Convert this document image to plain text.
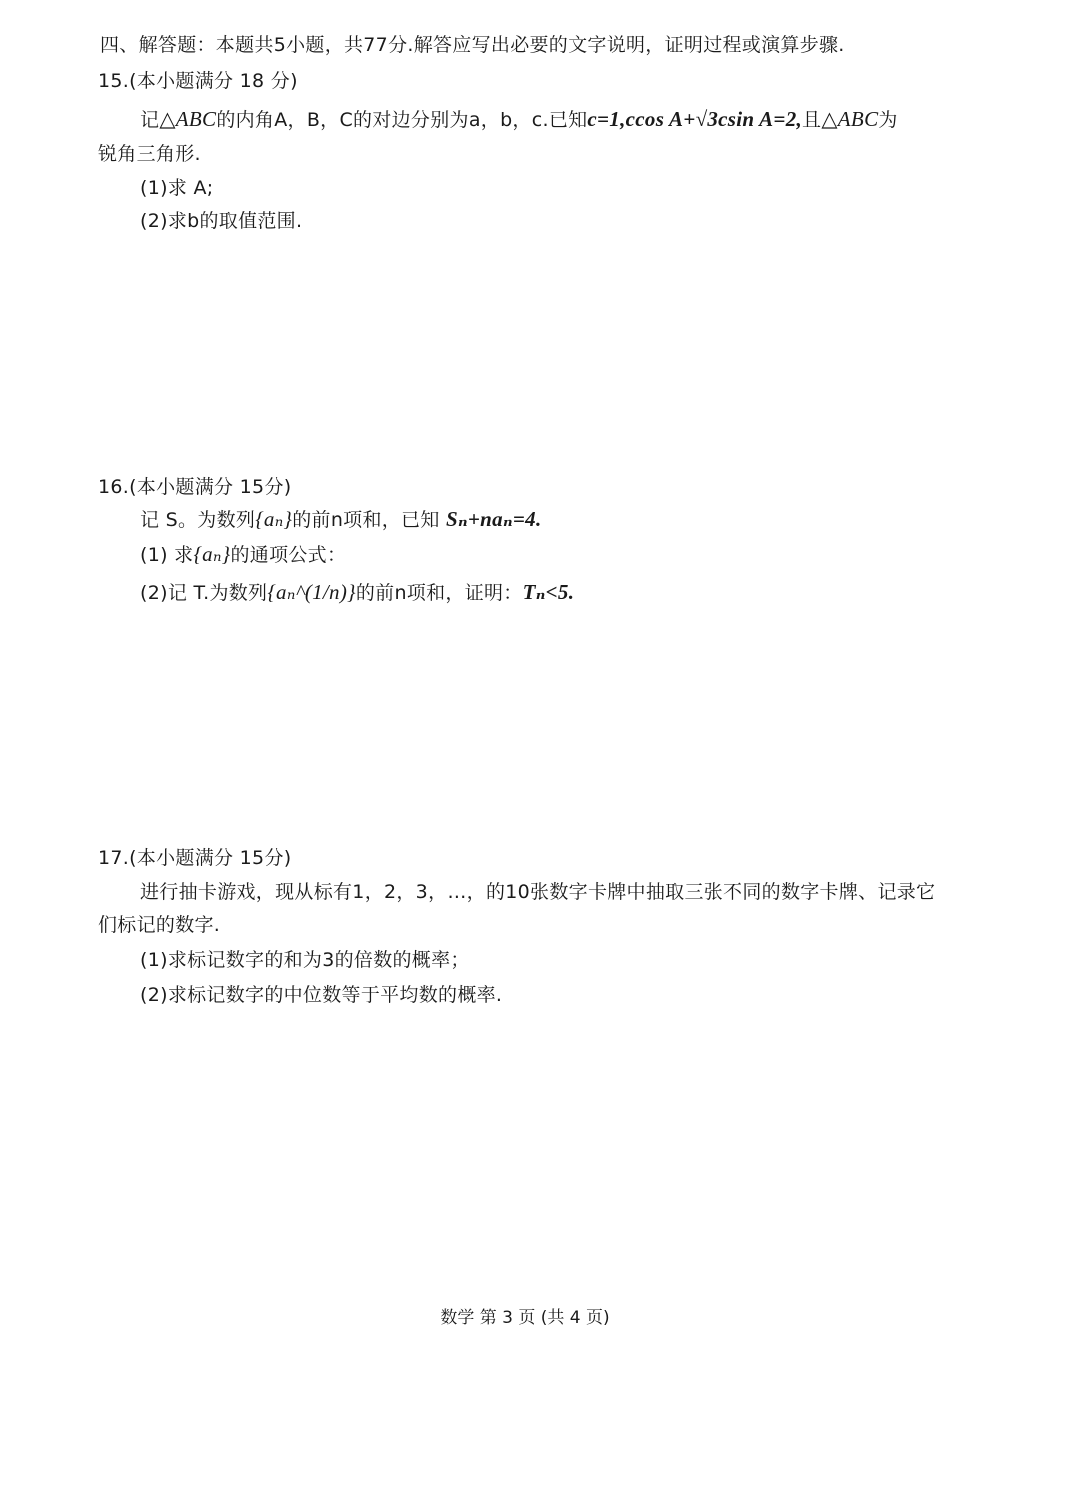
四、解答题：本题共5小题，共77分.解答应写出必要的文字说明，证明过程或演算步骤.
15.(本小题满分 18 分)
记△ABC的内角A，B，C的对边分别为a，b，c.已知c=1,ccos A+√3csin A=2,且△ABC为
锐角三角形.
(1)求 A;
(2)求b的取值范围.
16.(本小题满分 15分)
记 S。为数列{aₙ}的前n项和，已知 Sₙ+naₙ=4.
(1) 求{aₙ}的通项公式：
(2)记 T.为数列{aₙ^(1/n)}的前n项和，证明：Tₙ<5.
17.(本小题满分 15分)
进行抽卡游戏，现从标有1，2，3，…，的10张数字卡牌中抽取三张不同的数字卡牌、记录它
们标记的数字.
(1)求标记数字的和为3的倍数的概率；
(2)求标记数字的中位数等于平均数的概率.
数学 第 3 页 (共 4 页)
